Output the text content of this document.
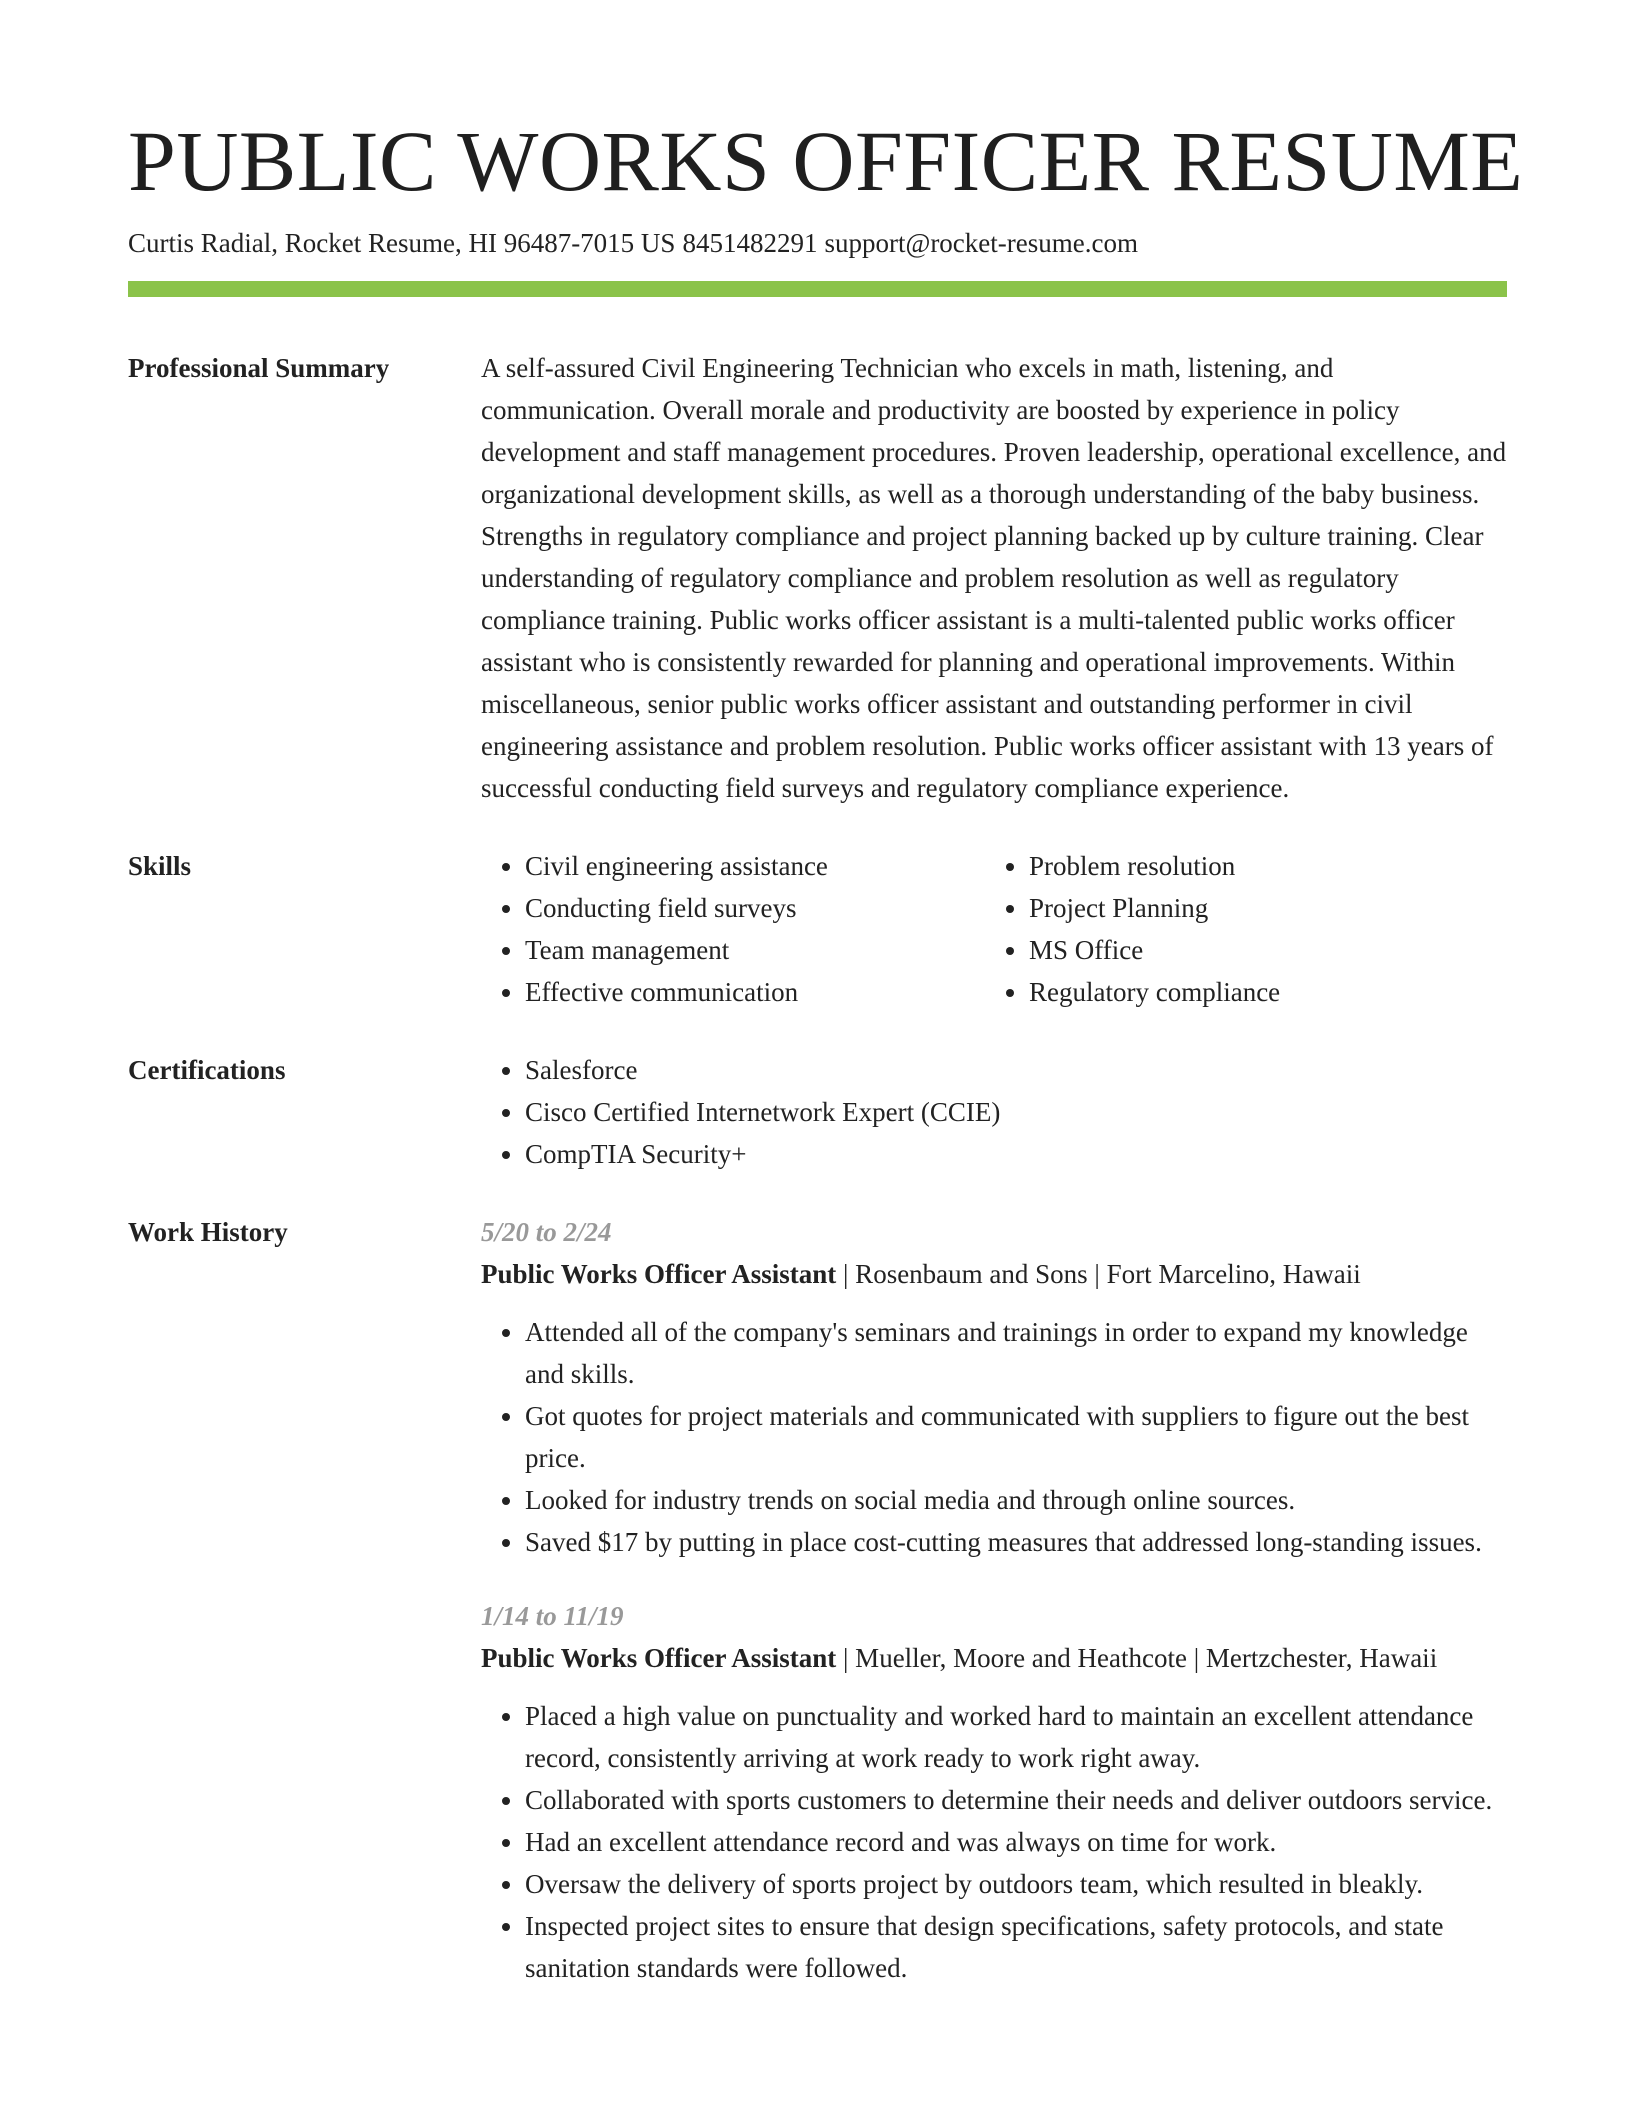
PUBLIC WORKS OFFICER RESUME
Curtis Radial, Rocket Resume, HI 96487-7015 US 8451482291 support@rocket-resume.com
Professional Summary	A self-assured Civil Engineering Technician who excels in math, listening, and communication. Overall morale and productivity are boosted by experience in policy development and staff management procedures. Proven leadership, operational excellence, and organizational development skills, as well as a thorough understanding of the baby business. Strengths in regulatory compliance and project planning backed up by culture training. Clear understanding of regulatory compliance and problem resolution as well as regulatory compliance training. Public works officer assistant is a multi-talented public works officer assistant who is consistently rewarded for planning and operational improvements. Within miscellaneous, senior public works officer assistant and outstanding performer in civil engineering assistance and problem resolution. Public works officer assistant with 13 years of successful conducting field surveys and regulatory compliance experience.

Skills	• Civil engineering assistance
• Conducting field surveys
• Team management
• Effective communication
• Problem resolution
• Project Planning
• MS Office
• Regulatory compliance
Certifications	• Salesforce
• Cisco Certified Internetwork Expert (CCIE)
• CompTIA Security+
Work History	5/20 to 2/24

Public Works Officer Assistant | Rosenbaum and Sons | Fort Marcelino, Hawaii

• Attended all of the company's seminars and trainings in order to expand my knowledge and skills.
• Got quotes for project materials and communicated with suppliers to figure out the best price.
• Looked for industry trends on social media and through online sources.
• Saved $17 by putting in place cost-cutting measures that addressed long-standing issues.
1/14 to 11/19

Public Works Officer Assistant | Mueller, Moore and Heathcote | Mertzchester, Hawaii

• Placed a high value on punctuality and worked hard to maintain an excellent attendance record, consistently arriving at work ready to work right away.
• Collaborated with sports customers to determine their needs and deliver outdoors service.
• Had an excellent attendance record and was always on time for work.
• Oversaw the delivery of sports project by outdoors team, which resulted in bleakly.
• Inspected project sites to ensure that design specifications, safety protocols, and state sanitation standards were followed.
